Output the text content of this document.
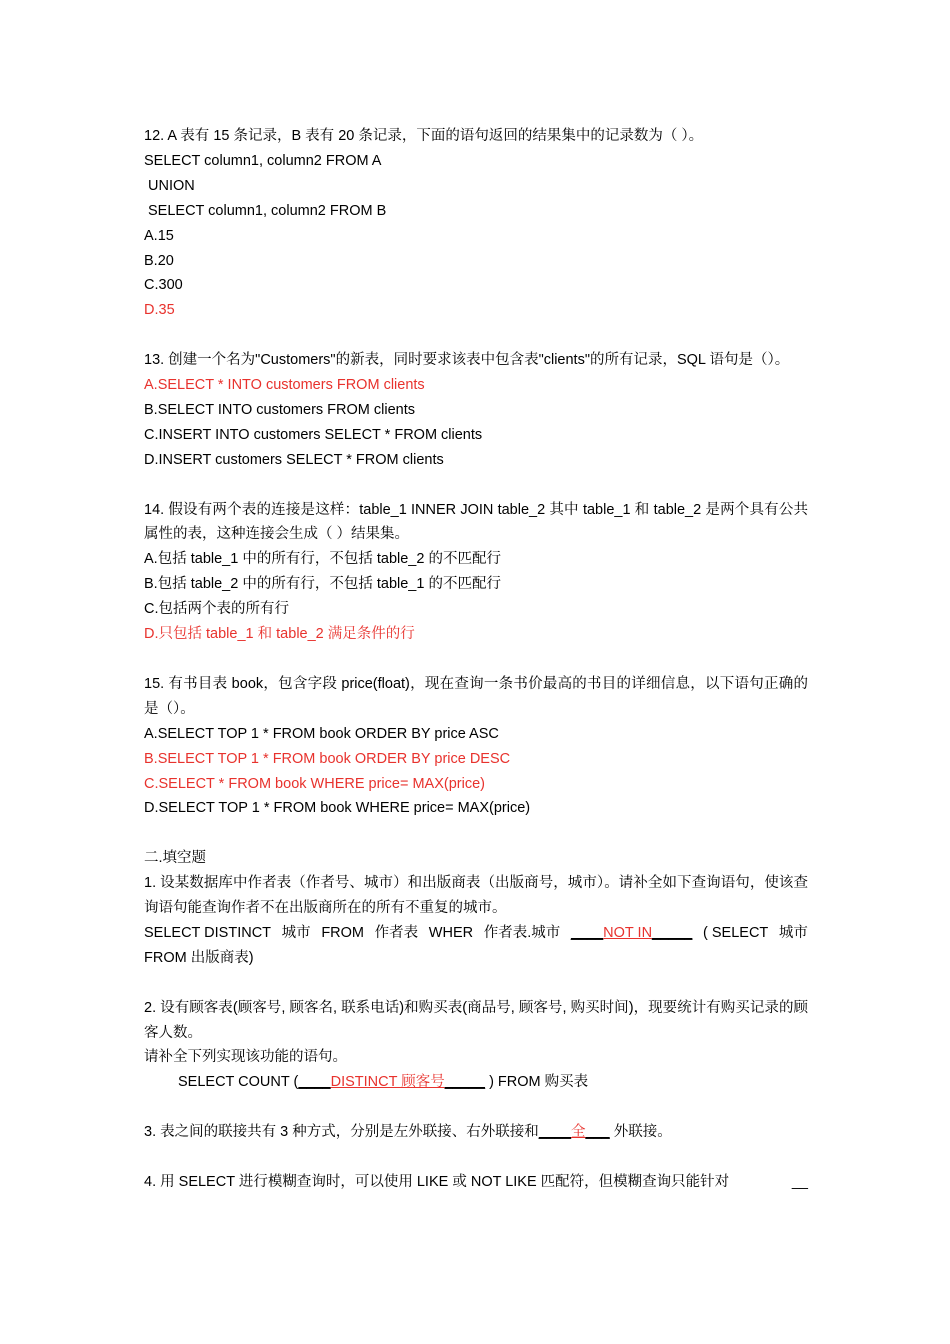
12. A 表有 15 条记录，B 表有 20 条记录，下面的语句返回的结果集中的记录数为（ ）。
SELECT column1, column2 FROM A
UNION
SELECT column1, column2 FROM B
A.15
B.20
C.300
D.35
13. 创建一个名为"Customers"的新表，同时要求该表中包含表"clients"的所有记录，SQL 语句是（）。
A.SELECT * INTO customers FROM clients
B.SELECT INTO customers FROM clients
C.INSERT INTO customers SELECT * FROM clients
D.INSERT customers SELECT * FROM clients
14. 假设有两个表的连接是这样：table_1 INNER JOIN table_2 其中 table_1 和 table_2 是两个具有公共属性的表，这种连接会生成（ ）结果集。
A.包括 table_1 中的所有行，不包括 table_2 的不匹配行
B.包括 table_2 中的所有行，不包括 table_1 的不匹配行
C.包括两个表的所有行
D.只包括 table_1 和 table_2 满足条件的行
15. 有书目表 book，包含字段 price(float)，现在查询一条书价最高的书目的详细信息，以下语句正确的是（）。
A.SELECT TOP 1 * FROM book ORDER BY price ASC
B.SELECT TOP 1 * FROM book ORDER BY price DESC
C.SELECT * FROM book WHERE price= MAX(price)
D.SELECT TOP 1 * FROM book WHERE price= MAX(price)
二.填空题
1. 设某数据库中作者表（作者号、城市）和出版商表（出版商号，城市）。请补全如下查询语句，使该查询语句能查询作者不在出版商所在的所有不重复的城市。
SELECT DISTINCT 城市 FROM 作者表 WHER 作者表.城市 ____NOT IN_____ ( SELECT 城市
FROM 出版商表)
2. 设有顾客表(顾客号, 顾客名, 联系电话)和购买表(商品号, 顾客号, 购买时间)，现要统计有购买记录的顾客人数。
请补全下列实现该功能的语句。
SELECT COUNT (____DISTINCT 顾客号_____ ) FROM 购买表
3. 表之间的联接共有 3 种方式，分别是左外联接、右外联接和____全___ 外联接。
4. 用 SELECT 进行模糊查询时，可以使用 LIKE 或 NOT LIKE 匹配符，但模糊查询只能针对	__
